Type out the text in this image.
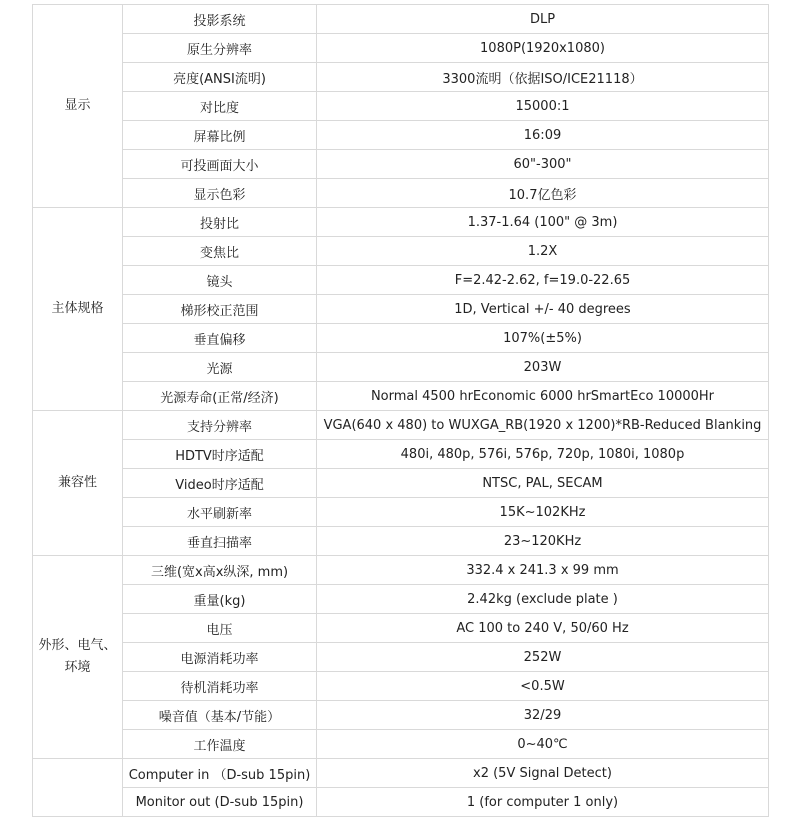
显示	投影系统	DLP
	原生分辨率	1080P(1920x1080)
	亮度(ANSI流明)	3300流明（依据ISO/ICE21118）
	对比度	15000:1
	屏幕比例	16:09
	可投画面大小	60"-300"
	显示色彩	10.7亿色彩
主体规格	投射比	1.37-1.64 (100" @ 3m)
	变焦比	1.2X
	镜头	F=2.42-2.62, f=19.0-22.65
	梯形校正范围	1D, Vertical +/- 40 degrees
	垂直偏移	107%(±5%)
	光源	203W
	光源寿命(正常/经济)	Normal 4500 hrEconomic 6000 hrSmartEco 10000Hr
兼容性	支持分辨率	VGA(640 x 480) to WUXGA_RB(1920 x 1200)*RB-Reduced Blanking
	HDTV时序适配	480i, 480p, 576i, 576p, 720p, 1080i, 1080p
	Video时序适配	NTSC, PAL, SECAM
	水平刷新率	15K~102KHz
	垂直扫描率	23~120KHz
外形、电气、环境	三维(宽x高x纵深, mm)	332.4 x 241.3 x 99 mm
	重量(kg)	2.42kg (exclude plate )
	电压	AC 100 to 240 V, 50/60 Hz
	电源消耗功率	252W
	待机消耗功率	<0.5W
	噪音值（基本/节能）	32/29
	工作温度	0~40℃
	Computer in （D-sub 15pin)	x2 (5V Signal Detect)
	Monitor out (D-sub 15pin)	1 (for computer 1 only)
